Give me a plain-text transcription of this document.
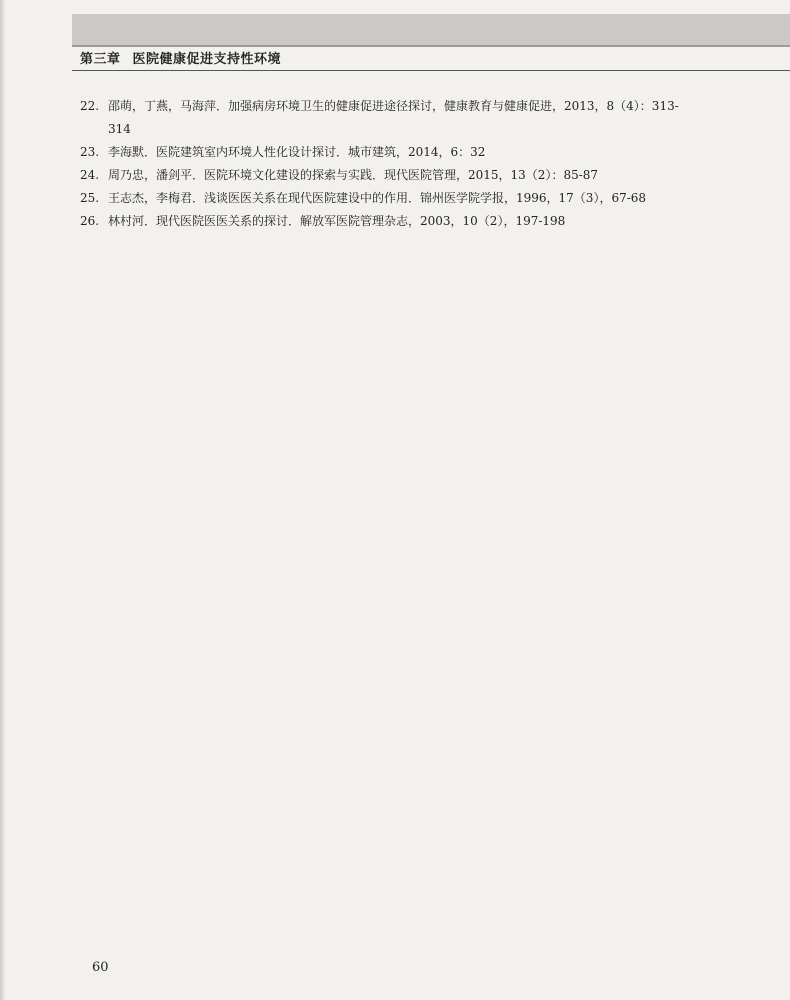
第三章 医院健康促进支持性环境
22. 邵萌，丁燕，马海萍．加强病房环境卫生的健康促进途径探讨，健康教育与健康促进，2013，8（4）：313-
314
23. 李海默．医院建筑室内环境人性化设计探讨．城市建筑，2014，6：32
24. 周乃忠，潘剑平．医院环境文化建设的探索与实践．现代医院管理，2015，13（2）：85-87
25. 王志杰，李梅君．浅谈医医关系在现代医院建设中的作用．锦州医学院学报，1996，17（3），67-68
26. 林村河．现代医院医医关系的探讨．解放军医院管理杂志，2003，10（2），197-198
60
